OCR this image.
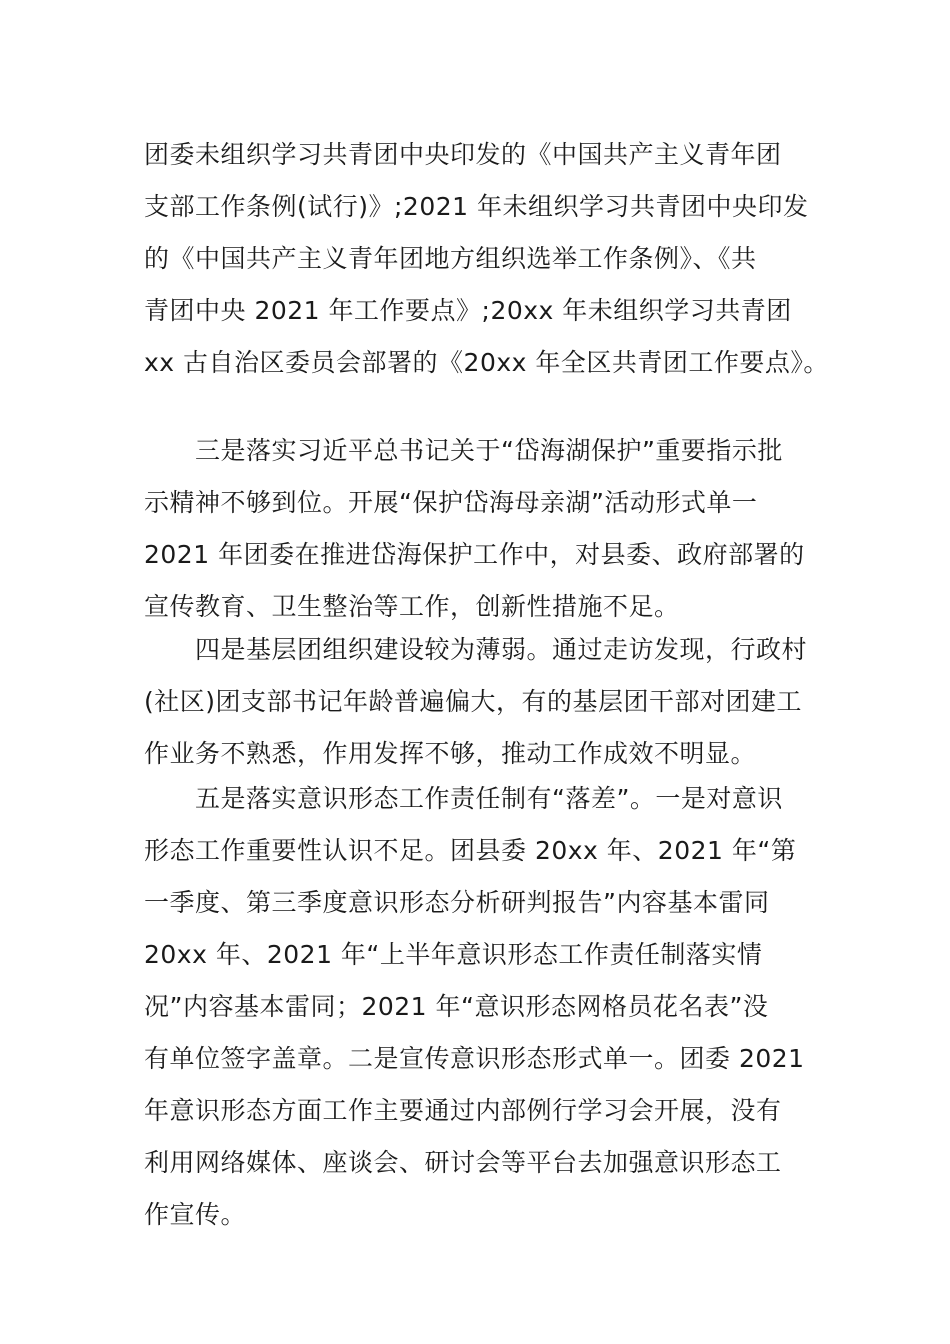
团委未组织学习共青团中央印发的《中国共产主义青年团
支部工作条例(试行)》;2021 年未组织学习共青团中央印发
的《中国共产主义青年团地方组织选举工作条例》、《共
青团中央 2021 年工作要点》;20xx 年未组织学习共青团
xx 古自治区委员会部署的《20xx 年全区共青团工作要点》。
　　三是落实习近平总书记关于“岱海湖保护”重要指示批
示精神不够到位。开展“保护岱海母亲湖”活动形式单一
2021 年团委在推进岱海保护工作中，对县委、政府部署的
宣传教育、卫生整治等工作，创新性措施不足。
　　四是基层团组织建设较为薄弱。通过走访发现，行政村
(社区)团支部书记年龄普遍偏大，有的基层团干部对团建工
作业务不熟悉，作用发挥不够，推动工作成效不明显。
　　五是落实意识形态工作责任制有“落差”。一是对意识
形态工作重要性认识不足。团县委 20xx 年、2021 年“第
一季度、第三季度意识形态分析研判报告”内容基本雷同
20xx 年、2021 年“上半年意识形态工作责任制落实情
况”内容基本雷同；2021 年“意识形态网格员花名表”没
有单位签字盖章。二是宣传意识形态形式单一。团委 2021
年意识形态方面工作主要通过内部例行学习会开展，没有
利用网络媒体、座谈会、研讨会等平台去加强意识形态工
作宣传。
